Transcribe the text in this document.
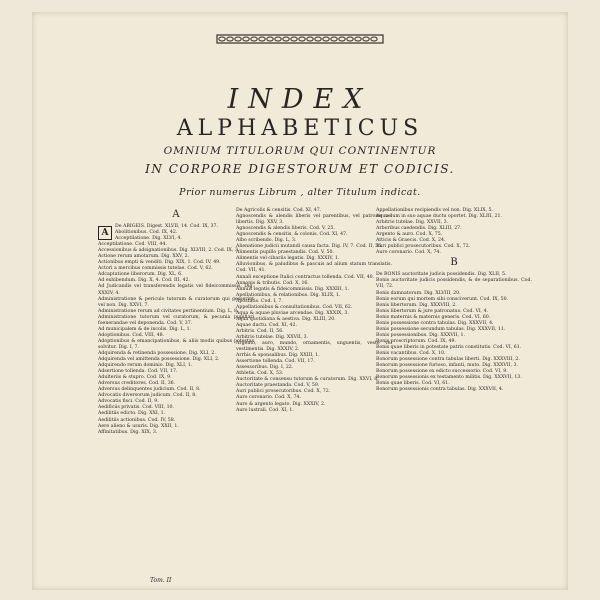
INDEX
ALPHABETICUS
OMNIUM TITULORUM QUI CONTINENTUR
IN CORPORE DIGESTORUM ET CODICIS.
Prior numerus Librum , alter Titulum indicat.
A
A

De ABIGEIS. Digest. XLVII, 14. Cod. IX, 37.

Abolitionibus. Cod. IX, 42.

Acceptilatione. Dig. XLVI, 4.

Acceptilatione. Cod. VIII, 44.

Accessionibus & adsignationibus. Dig. XLVIII, 2. Cod. IX, 3.

Actione rerum amotarum. Dig. XXV, 2.

Actionibus empti & venditi. Dig. XIX, 1. Cod. IV, 49.

Actori a mercibus commissis tutelae. Cod. V, 62.

Adcaptatione liberorum. Dig. XL, 6.

Ad exhibendum. Dig. X, 4. Cod. III, 42.

Ad Judicandis vel transferendis legatis vel fideicommissis. Dig. XXXIV, 4.

Administratione & periculo tutorum & curatorum qui gesserint vel non. Dig. XXVI, 7.

Administratione rerum ad civitates pertinentium. Dig. L, 8.

Administratione tutorum vel curatorum, & pecunia pupillari foenerandae vel deponenda. Cod. V, 37.

Ad municipalem & de incolis. Dig. L, 1.

Adoptionibus. Cod. VIII, 48.

Adoptionibus & emancipationibus, & aliis modis quibus potestas solvitur. Dig. I, 7.

Adquirenda & retinenda possessione. Dig. XLI, 2.

Adquirenda vel amittenda possessione. Dig. XLI, 2.

Adquirendo rerum dominio. Dig. XLI, 1.

Adsertione tollenda. Cod. VII, 17.

Adulteriis & stupro. Cod. IX, 9.

Adversus creditores. Cod. II, 36.

Adversus delinquentes judicium. Cod. II, 8.

Advocatis diversorum judicum. Cod. II, 8.

Advocatis fisci. Cod. II, 9.

Aedificiis privatis. Cod. VIII, 10.

Aedilitiis edicto. Dig. XXI, 1.

Aedilitiis actionibus. Cod. IV, 58.

Aere alieno & usuris. Dig. XXII, 1.

Affinitatibus. Dig. XIX, 3.

De Agricolis & censitis. Cod. XI, 47.

Agnoscendis & alendis liberis vel parentibus, vel patronis vel libertis. Dig. XXV, 3.

Agnoscendis & alendis liberis. Cod. V, 25.

Agnoscendis & censitis, & colonis. Cod. XI, 47.

Albo scribendo. Dig. L, 3.

Alienatione judicii mutandi causa facta. Dig. IV, 7. Cod. II, 55.

Alimentis pupillo praestandis. Cod. V, 50.

Alimentis vel cibariis legatis. Dig. XXXIV, 1.

Alluvionibus, & paludibus & pascuis ad alium statum translatis. Cod. VII, 41.

Annali exceptione Italici contractus tollenda. Cod. VII, 40.

Annonis & tributis. Cod. X, 16.

Annuis legatis & fideicommissis. Dig. XXXIII, 1.

Apellationibus, & relationibus. Dig. XLIX, 1.

Apostatis. Cod. I, 7.

Appellationibus & consultationibus. Cod. VII, 62.

Aqua & aquae pluviae arcendae. Dig. XXXIX, 3.

Aqua quotidiana & aestiva. Dig. XLIII, 20.

Aquae ductu. Cod. XI, 42.

Arbitris. Cod. II, 56.

Arbitrio tutelae. Dig. XXVII, 3.

Argento, auro, mundo, ornamentis, unguentis, veste vel vestimentis. Dig. XXXIV, 2.

Arrhis & sponsalibus. Dig. XXIII, 1.

Assertione tollenda. Cod. VII, 17.

Assessoribus. Dig. I, 22.

Athletis. Cod. X, 53.

Auctoritate & consensu tutorum & curatorum. Dig. XXVI, 8.

Auctoritate praestanda. Cod. V, 59.

Auri publici prosecutoribus. Cod. X, 72.

Auro coronario. Cod. X, 74.

Auro & argento legato. Dig. XXXIV, 2.

Auro lustrali. Cod. XI, 1.

Appellationibus recipiendis vel non. Dig. XLIX, 5.

Aqua cum in suo aquae ductu oportet. Dig. XLIII, 21.

Arbitrio tutelae. Dig. XXVII, 3.

Arboribus caedendis. Dig. XLIII, 27.

Argento & auro. Cod. X, 75.

Atticis & Graecis. Cod. X, 24.

Auri publici prosecutoribus. Cod. X, 72.

Auro coronario. Cod. X, 74.

B

De BONIS auctoritate judicis possidendis. Dig. XLII, 5.

Bonis auctoritate judicis possidendis, & de separationibus. Cod. VII, 72.

Bonis damnatorum. Dig. XLVIII, 20.

Bonis eorum qui mortem sibi consciverunt. Cod. IX, 50.

Bonis libertorum. Dig. XXXVIII, 2.

Bonis libertorum & jure patronatus. Cod. VI, 4.

Bonis maternis & maternis generis. Cod. VI, 60.

Bonis possessione contra tabulas. Dig. XXXVII, 4.

Bonis possessione secundum tabulas. Dig. XXXVII, 11.

Bonis possessionibus. Dig. XXXVII, 1.

Bonis proscriptorum. Cod. IX, 49.

Bonis quae liberis in potestate patris constitutis. Cod. VI, 61.

Bonis vacantibus. Cod. X, 10.

Bonorum possessione contra tabulas liberti. Dig. XXXVIII, 2.

Bonorum possessione furioso, infanti, muto. Dig. XXXVII, 3.

Bonorum possessione ex edicto successorio. Cod. VI, 9.

Bonorum possessionis ex testamento militis. Dig. XXXVII, 13.

Bonis quae liberis. Cod. VI, 61.

Bonorum possessionis contra tabulas. Dig. XXXVII, 4.

Tom. II
